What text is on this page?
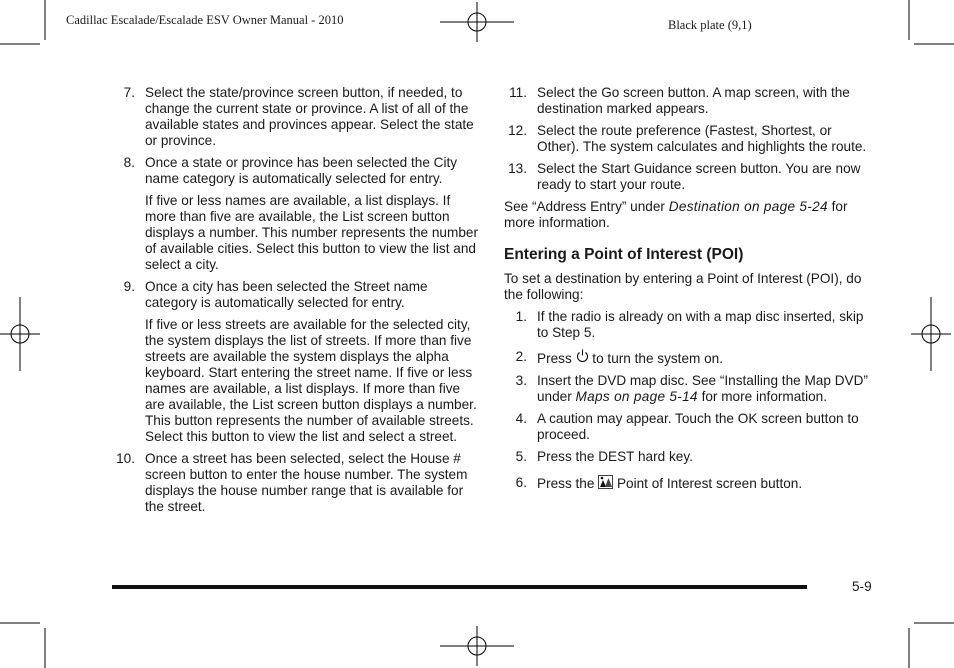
Cadillac Escalade/Escalade ESV Owner Manual - 2010	Black plate (9,1)
7. Select the state/province screen button, if needed, to change the current state or province. A list of all of the available states and provinces appear. Select the state or province.
8. Once a state or province has been selected the City name category is automatically selected for entry.
If five or less names are available, a list displays. If more than five are available, the List screen button displays a number. This number represents the number of available cities. Select this button to view the list and select a city.
9. Once a city has been selected the Street name category is automatically selected for entry.
If five or less streets are available for the selected city, the system displays the list of streets. If more than five streets are available the system displays the alpha keyboard. Start entering the street name. If five or less names are available, a list displays. If more than five are available, the List screen button displays a number. This button represents the number of available streets. Select this button to view the list and select a street.
10. Once a street has been selected, select the House # screen button to enter the house number. The system displays the house number range that is available for the street.
11. Select the Go screen button. A map screen, with the destination marked appears.
12. Select the route preference (Fastest, Shortest, or Other). The system calculates and highlights the route.
13. Select the Start Guidance screen button. You are now ready to start your route.
See “Address Entry” under Destination on page 5-24 for more information.
Entering a Point of Interest (POI)
To set a destination by entering a Point of Interest (POI), do the following:
1. If the radio is already on with a map disc inserted, skip to Step 5.
2. Press  to turn the system on.
3. Insert the DVD map disc. See “Installing the Map DVD” under Maps on page 5-14 for more information.
4. A caution may appear. Touch the OK screen button to proceed.
5. Press the DEST hard key.
6. Press the  Point of Interest screen button.
5-9
